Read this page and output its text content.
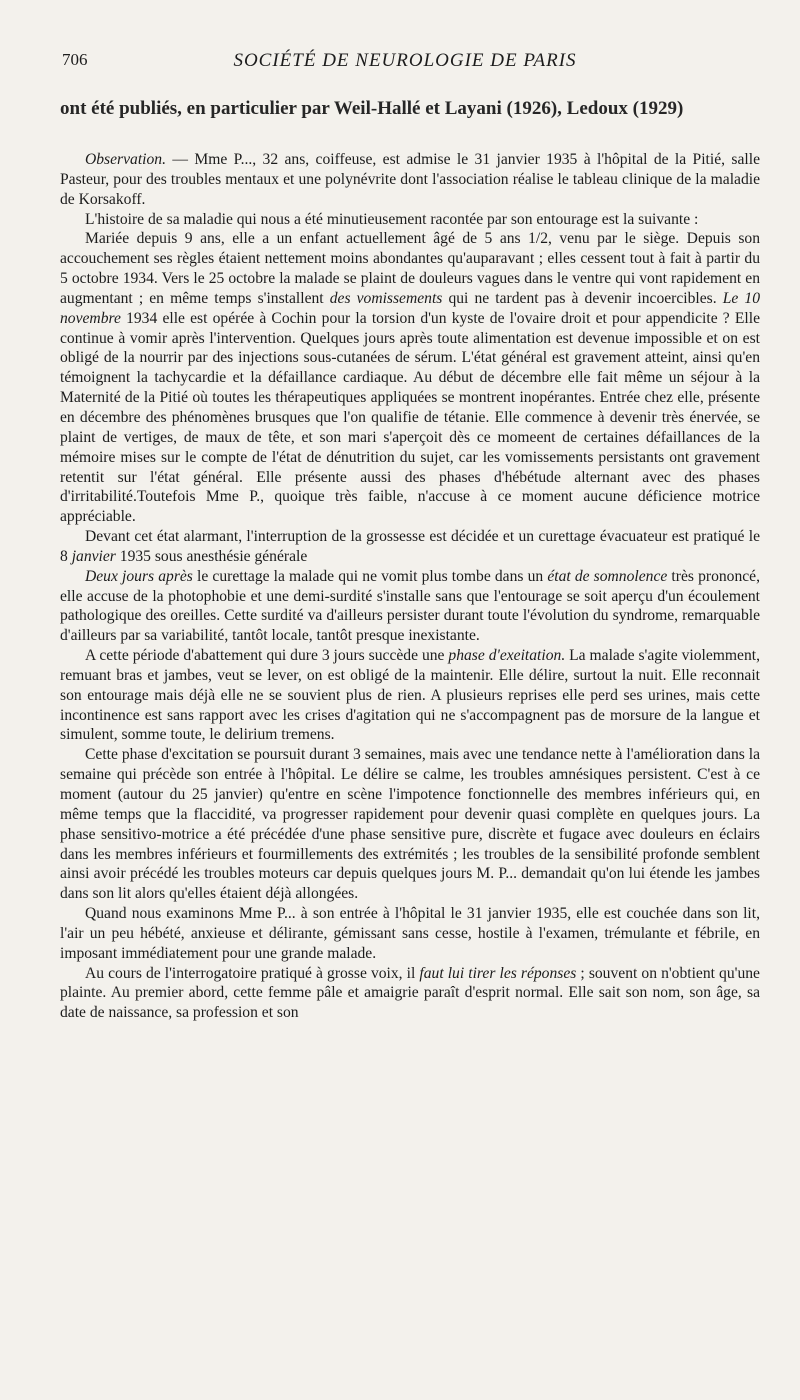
706	SOCIÉTÉ DE NEUROLOGIE DE PARIS
ont été publiés, en particulier par Weil-Hallé et Layani (1926), Ledoux (1929)

Observation. — Mme P..., 32 ans, coiffeuse, est admise le 31 janvier 1935 à l'hôpital de la Pitié, salle Pasteur, pour des troubles mentaux et une polynévrite dont l'association réalise le tableau clinique de la maladie de Korsakoff.

L'histoire de sa maladie qui nous a été minutieusement racontée par son entourage est la suivante :

Mariée depuis 9 ans, elle a un enfant actuellement âgé de 5 ans 1/2, venu par le siège. Depuis son accouchement ses règles étaient nettement moins abondantes qu'auparavant ; elles cessent tout à fait à partir du 5 octobre 1934. Vers le 25 octobre la malade se plaint de douleurs vagues dans le ventre qui vont rapidement en augmentant ; en même temps s'installent des vomissements qui ne tardent pas à devenir incoercibles. Le 10 novembre 1934 elle est opérée à Cochin pour la torsion d'un kyste de l'ovaire droit et pour appendicite ? Elle continue à vomir après l'intervention. Quelques jours après toute alimentation est devenue impossible et on est obligé de la nourrir par des injections sous-cutanées de sérum. L'état général est gravement atteint, ainsi qu'en témoignent la tachycardie et la défaillance cardiaque. Au début de décembre elle fait même un séjour à la Maternité de la Pitié où toutes les thérapeutiques appliquées se montrent inopérantes. Entrée chez elle, présente en décembre des phénomènes brusques que l'on qualifie de tétanie. Elle commence à devenir très énervée, se plaint de vertiges, de maux de tête, et son mari s'aperçoit dès ce momeent de certaines défaillances de la mémoire mises sur le compte de l'état de dénutrition du sujet, car les vomissements persistants ont gravement retentit sur l'état général. Elle présente aussi des phases d'hébétude alternant avec des phases d'irritabilité.Toutefois Mme P., quoique très faible, n'accuse à ce moment aucune déficience motrice appréciable.

Devant cet état alarmant, l'interruption de la grossesse est décidée et un curettage évacuateur est pratiqué le 8 janvier 1935 sous anesthésie générale

Deux jours après le curettage la malade qui ne vomit plus tombe dans un état de somnolence très prononcé, elle accuse de la photophobie et une demi-surdité s'installe sans que l'entourage se soit aperçu d'un écoulement pathologique des oreilles. Cette surdité va d'ailleurs persister durant toute l'évolution du syndrome, remarquable d'ailleurs par sa variabilité, tantôt locale, tantôt presque inexistante.

A cette période d'abattement qui dure 3 jours succède une phase d'exeitation. La malade s'agite violemment, remuant bras et jambes, veut se lever, on est obligé de la maintenir. Elle délire, surtout la nuit. Elle reconnait son entourage mais déjà elle ne se souvient plus de rien. A plusieurs reprises elle perd ses urines, mais cette incontinence est sans rapport avec les crises d'agitation qui ne s'accompagnent pas de morsure de la langue et simulent, somme toute, le delirium tremens.

Cette phase d'excitation se poursuit durant 3 semaines, mais avec une tendance nette à l'amélioration dans la semaine qui précède son entrée à l'hôpital. Le délire se calme, les troubles amnésiques persistent. C'est à ce moment (autour du 25 janvier) qu'entre en scène l'impotence fonctionnelle des membres inférieurs qui, en même temps que la flaccidité, va progresser rapidement pour devenir quasi complète en quelques jours. La phase sensitivo-motrice a été précédée d'une phase sensitive pure, discrète et fugace avec douleurs en éclairs dans les membres inférieurs et fourmillements des extrémités ; les troubles de la sensibilité profonde semblent ainsi avoir précédé les troubles moteurs car depuis quelques jours M. P... demandait qu'on lui étende les jambes dans son lit alors qu'elles étaient déjà allongées.

Quand nous examinons Mme P... à son entrée à l'hôpital le 31 janvier 1935, elle est couchée dans son lit, l'air un peu hébété, anxieuse et délirante, gémissant sans cesse, hostile à l'examen, trémulante et fébrile, en imposant immédiatement pour une grande malade.

Au cours de l'interrogatoire pratiqué à grosse voix, il faut lui tirer les réponses ; souvent on n'obtient qu'une plainte. Au premier abord, cette femme pâle et amaigrie paraît d'esprit normal. Elle sait son nom, son âge, sa date de naissance, sa profession et son
